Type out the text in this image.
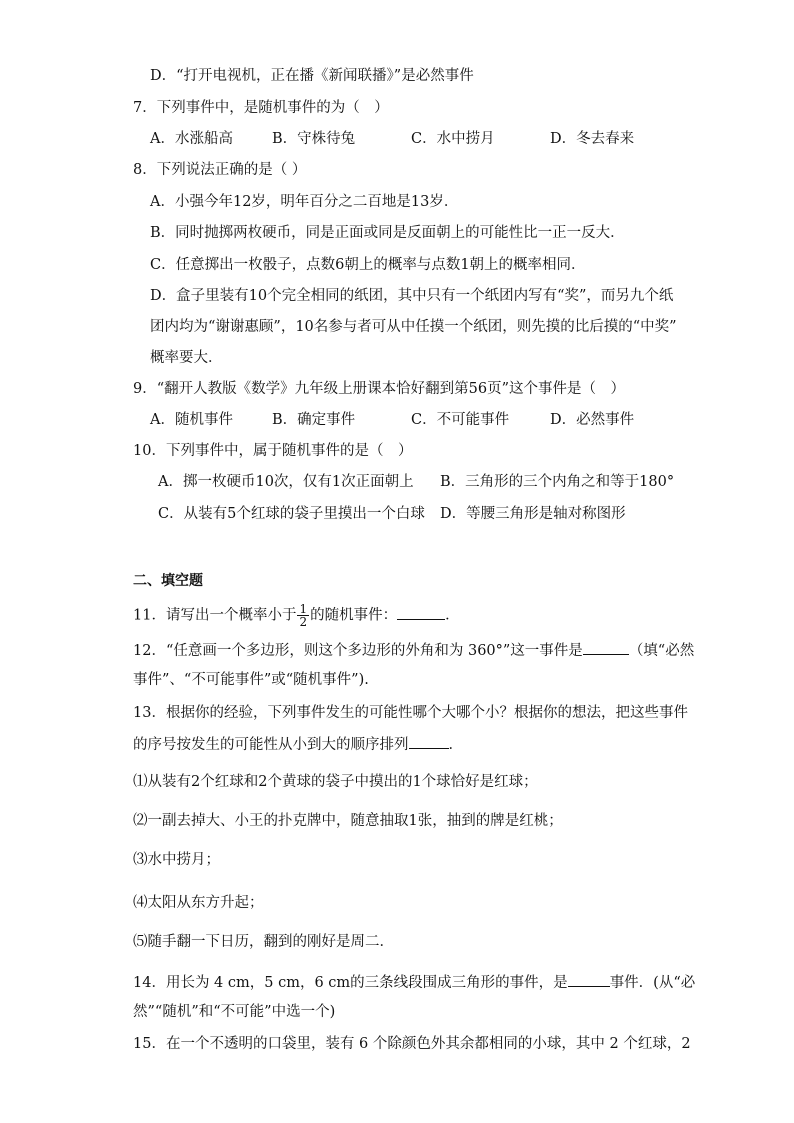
D．“打开电视机，正在播《新闻联播》”是必然事件
7．下列事件中，是随机事件的为（　）
A．水涨船高	B．守株待兔	C．水中捞月	D．冬去春来
8．下列说法正确的是（ ）
A．小强今年12岁，明年百分之二百地是13岁．
B．同时抛掷两枚硬币，同是正面或同是反面朝上的可能性比一正一反大．
C．任意掷出一枚骰子，点数6朝上的概率与点数1朝上的概率相同．
D．盒子里装有10个完全相同的纸团，其中只有一个纸团内写有“奖”，而另九个纸
团内均为“谢谢惠顾”，10名参与者可从中任摸一个纸团，则先摸的比后摸的“中奖”
概率要大．
9．“翻开人教版《数学》九年级上册课本恰好翻到第56页”这个事件是（　）
A．随机事件	B．确定事件	C．不可能事件	D．必然事件
10．下列事件中，属于随机事件的是（　）
A．掷一枚硬币10次，仅有1次正面朝上 B．三角形的三个内角之和等于180°
C．从装有5个红球的袋子里摸出一个白球 D．等腰三角形是轴对称图形
二、填空题
11．请写出一个概率小于 $\frac{1}{2}$ 的随机事件：	．
12．“任意画一个多边形，则这个多边形的外角和为 360°”这一事件是	（填“必然
事件”、“不可能事件”或“随机事件”).
13．根据你的经验，下列事件发生的可能性哪个大哪个小？根据你的想法，把这些事件
的序号按发生的可能性从小到大的顺序排列	．
⑴从装有2个红球和2个黄球的袋子中摸出的1个球恰好是红球；
⑵一副去掉大、小王的扑克牌中，随意抽取1张，抽到的牌是红桃；
⑶水中捞月；
⑷太阳从东方升起；
⑸随手翻一下日历，翻到的刚好是周二．
14．用长为 4 cm，5 cm，6 cm的三条线段围成三角形的事件，是	事件．(从“必
然”“随机”和“不可能”中选一个)
15．在一个不透明的口袋里，装有 6 个除颜色外其余都相同的小球，其中 2 个红球，2
